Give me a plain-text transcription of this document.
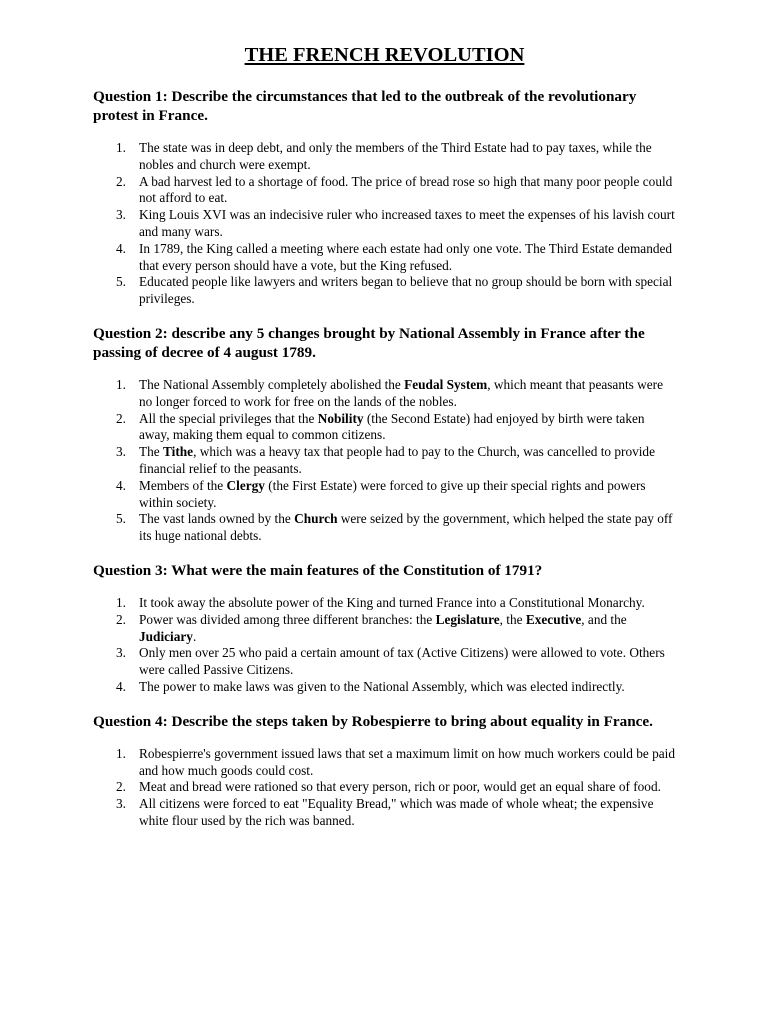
THE FRENCH REVOLUTION

Question 1: Describe the circumstances that led to the outbreak of the revolutionary protest in France.

1. The state was in deep debt, and only the members of the Third Estate had to pay taxes, while the nobles and church were exempt.
2. A bad harvest led to a shortage of food. The price of bread rose so high that many poor people could not afford to eat.
3. King Louis XVI was an indecisive ruler who increased taxes to meet the expenses of his lavish court and many wars.
4. In 1789, the King called a meeting where each estate had only one vote. The Third Estate demanded that every person should have a vote, but the King refused.
5. Educated people like lawyers and writers began to believe that no group should be born with special privileges.

Question 2: describe any 5 changes brought by National Assembly in France after the passing of decree of 4 august 1789.

1. The National Assembly completely abolished the Feudal System, which meant that peasants were no longer forced to work for free on the lands of the nobles.
2. All the special privileges that the Nobility (the Second Estate) had enjoyed by birth were taken away, making them equal to common citizens.
3. The Tithe, which was a heavy tax that people had to pay to the Church, was cancelled to provide financial relief to the peasants.
4. Members of the Clergy (the First Estate) were forced to give up their special rights and powers within society.
5. The vast lands owned by the Church were seized by the government, which helped the state pay off its huge national debts.

Question 3: What were the main features of the Constitution of 1791?

1. It took away the absolute power of the King and turned France into a Constitutional Monarchy.
2. Power was divided among three different branches: the Legislature, the Executive, and the Judiciary.
3. Only men over 25 who paid a certain amount of tax (Active Citizens) were allowed to vote. Others were called Passive Citizens.
4. The power to make laws was given to the National Assembly, which was elected indirectly.

Question 4: Describe the steps taken by Robespierre to bring about equality in France.

1. Robespierre's government issued laws that set a maximum limit on how much workers could be paid and how much goods could cost.
2. Meat and bread were rationed so that every person, rich or poor, would get an equal share of food.
3. All citizens were forced to eat "Equality Bread," which was made of whole wheat; the expensive white flour used by the rich was banned.
